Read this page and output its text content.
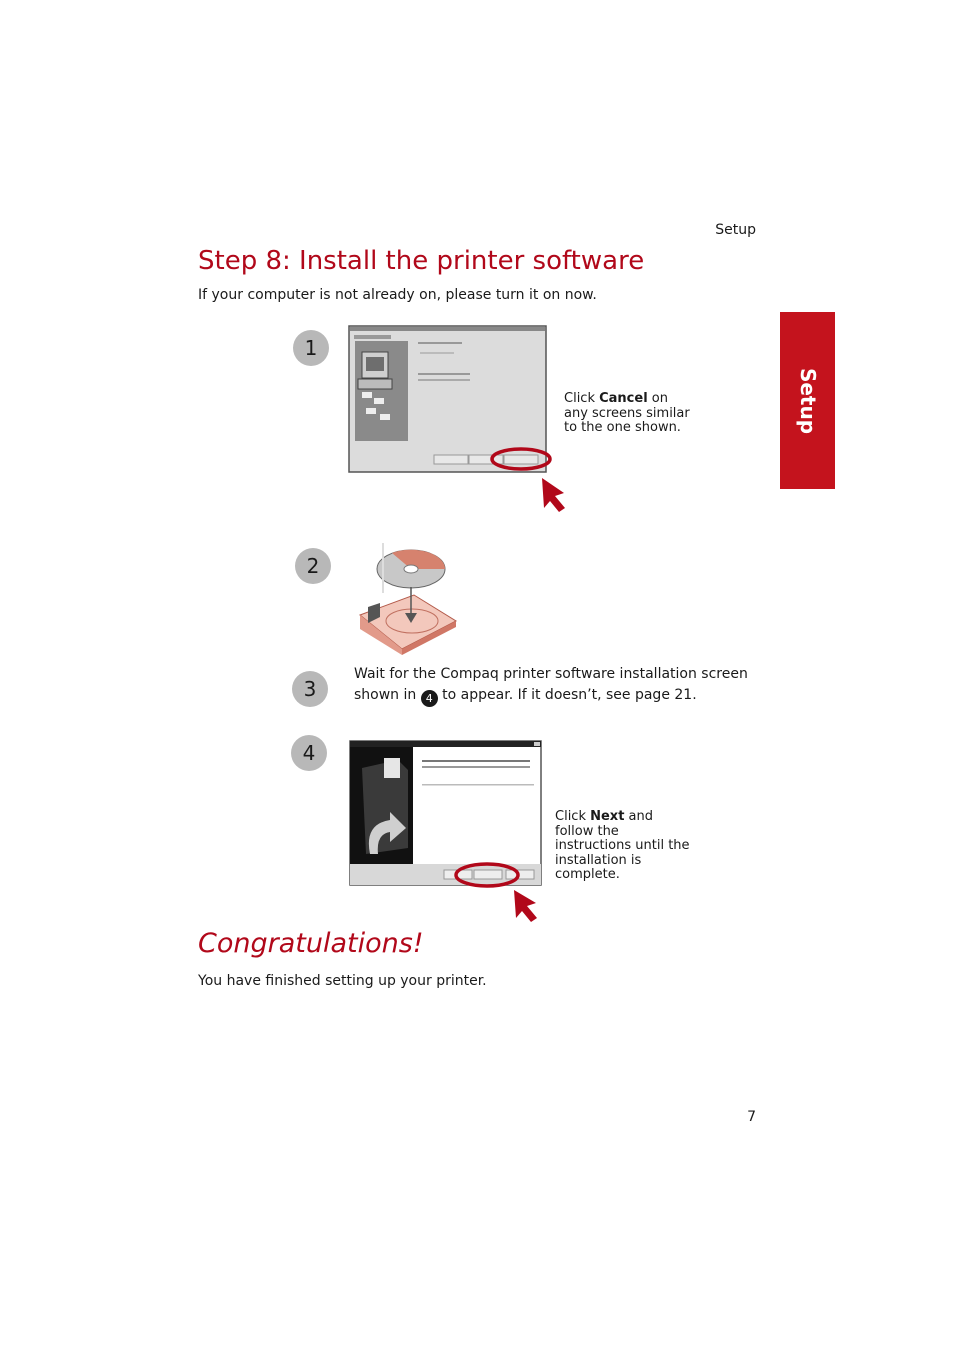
Setup
Step 8: Install the printer software
If your computer is not already on, please turn it on now.
Setup
1
Click Cancel on any screens similar to the one shown.
2
3
Wait for the Compaq printer software installation screen shown in 4 to appear. If it doesn’t, see page 21.
4
Click Next and follow the instructions until the installation is complete.
Congratulations!
You have finished setting up your printer.
7
